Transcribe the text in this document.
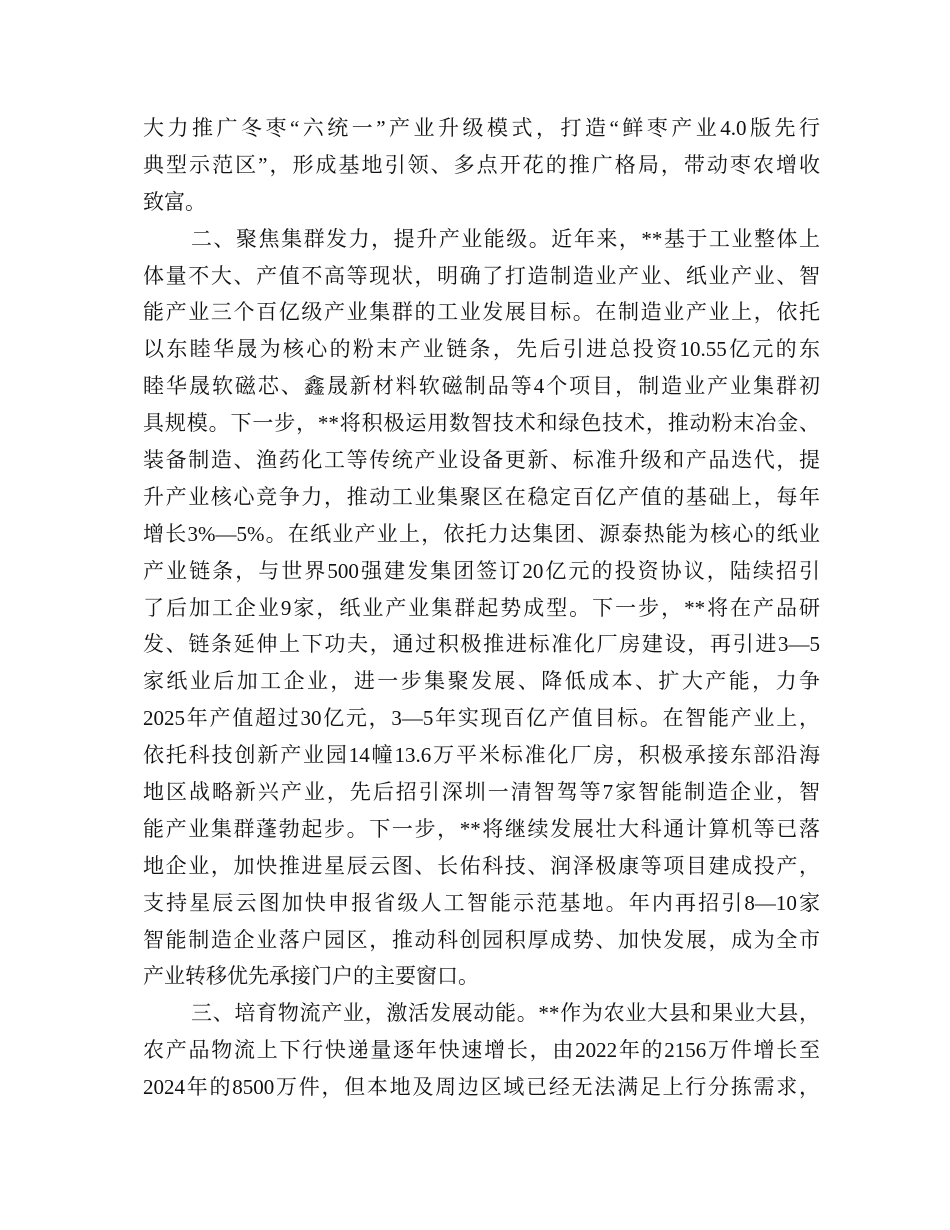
大力推广冬枣“六统一”产业升级模式，打造“鲜枣产业4.0版先行
典型示范区”，形成基地引领、多点开花的推广格局，带动枣农增收
致富。
二、聚焦集群发力，提升产业能级。近年来，**基于工业整体上
体量不大、产值不高等现状，明确了打造制造业产业、纸业产业、智
能产业三个百亿级产业集群的工业发展目标。在制造业产业上，依托
以东睦华晟为核心的粉末产业链条，先后引进总投资10.55亿元的东
睦华晟软磁芯、鑫晟新材料软磁制品等4个项目，制造业产业集群初
具规模。下一步，**将积极运用数智技术和绿色技术，推动粉末冶金、
装备制造、渔药化工等传统产业设备更新、标准升级和产品迭代，提
升产业核心竞争力，推动工业集聚区在稳定百亿产值的基础上，每年
增长3%—5%。在纸业产业上，依托力达集团、源泰热能为核心的纸业
产业链条，与世界500强建发集团签订20亿元的投资协议，陆续招引
了后加工企业9家，纸业产业集群起势成型。下一步，**将在产品研
发、链条延伸上下功夫，通过积极推进标准化厂房建设，再引进3—5
家纸业后加工企业，进一步集聚发展、降低成本、扩大产能，力争
2025年产值超过30亿元，3—5年实现百亿产值目标。在智能产业上，
依托科技创新产业园14幢13.6万平米标准化厂房，积极承接东部沿海
地区战略新兴产业，先后招引深圳一清智驾等7家智能制造企业，智
能产业集群蓬勃起步。下一步，**将继续发展壮大科通计算机等已落
地企业，加快推进星辰云图、长佑科技、润泽极康等项目建成投产，
支持星辰云图加快申报省级人工智能示范基地。年内再招引8—10家
智能制造企业落户园区，推动科创园积厚成势、加快发展，成为全市
产业转移优先承接门户的主要窗口。
三、培育物流产业，激活发展动能。**作为农业大县和果业大县，
农产品物流上下行快递量逐年快速增长，由2022年的2156万件增长至
2024年的8500万件，但本地及周边区域已经无法满足上行分拣需求，
